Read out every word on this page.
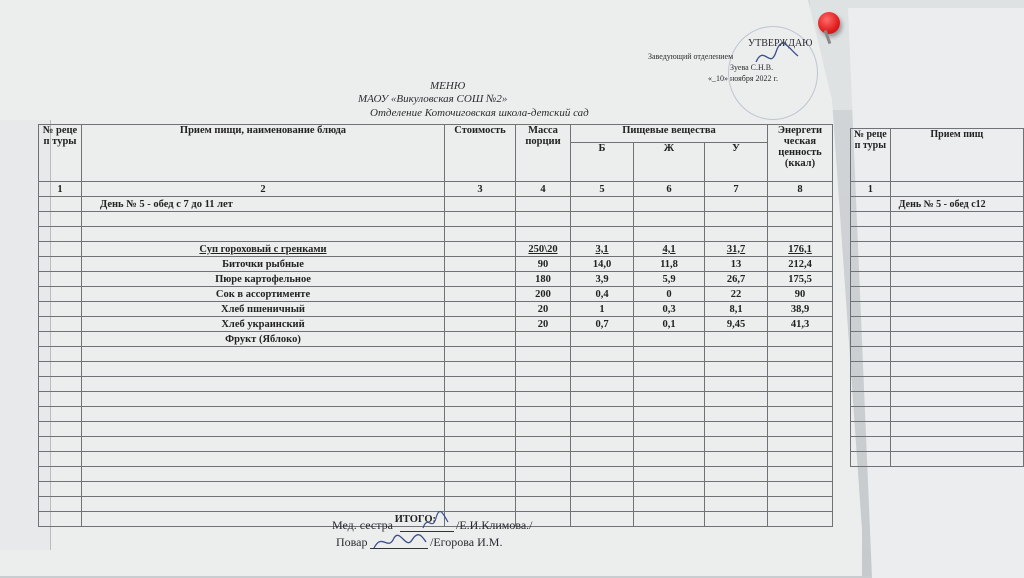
УТВЕРЖДАЮ
Заведующий отделением
Зуева С.Н.В.
«_10» ноября 2022 г.
МЕНЮ
МАОУ «Викуловская СОШ №2»
Отделение Коточиговская школа-детский сад
№ реце п туры	Прием пищи, наименование блюда	Стоимость	Масса порции	Пищевые вещества			Энергети ческая ценность (ккал)
				Б	Ж	У	
1	2	3	4	5	6	7	8
	День № 5 - обед с 7 до 11 лет						

	Суп гороховый с гренками		250\20	3,1	4,1	31,7	176,1
	Биточки рыбные		90	14,0	11,8	13	212,4
	Пюре картофельное		180	3,9	5,9	26,7	175,5
	Сок в ассортименте		200	0,4	0	22	90
	Хлеб пшеничный		20	1	0,3	8,1	38,9
	Хлеб украинский		20	0,7	0,1	9,45	41,3
	Фрукт (Яблоко)						

	ИТОГО:						
№ реце п туры	Прием пищ
1	
	День № 5 - обед с12

Мед. сестра	/Е.И.Климова./
Повар	/Егорова И.М.
